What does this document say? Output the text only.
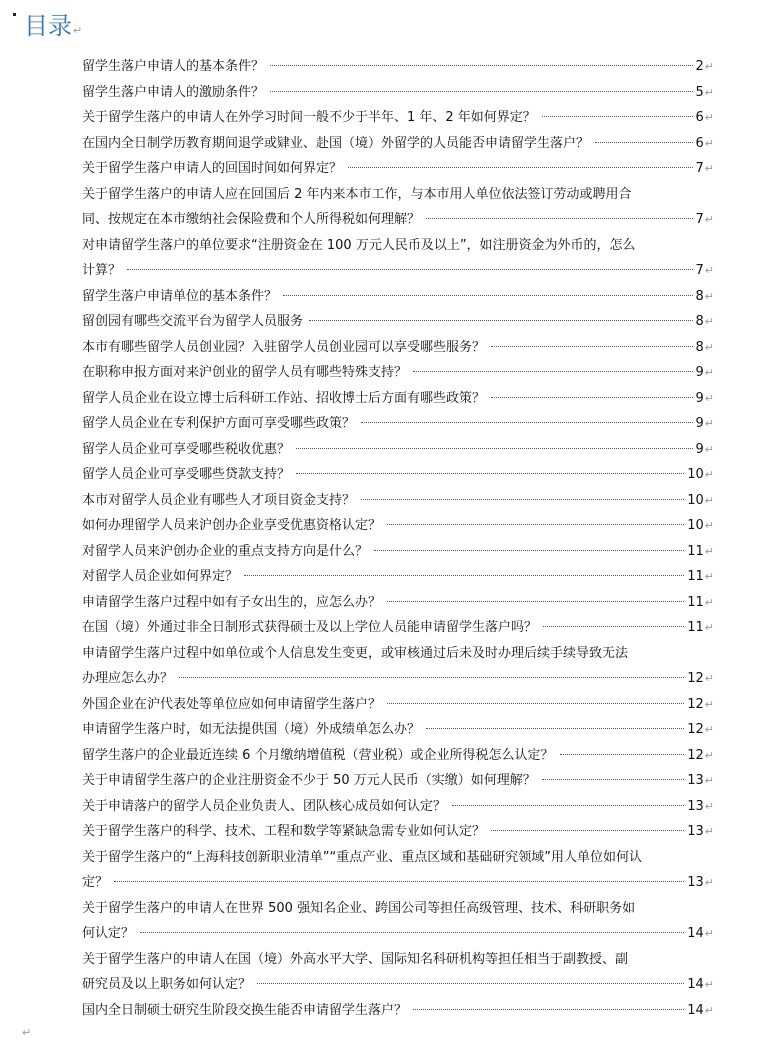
目录↵
留学生落户申请人的基本条件？	2↵
留学生落户申请人的激励条件？	5↵
关于留学生落户的申请人在外学习时间一般不少于半年、1 年、2 年如何界定？	6↵
在国内全日制学历教育期间退学或肄业、赴国（境）外留学的人员能否申请留学生落户？	6↵
关于留学生落户申请人的回国时间如何界定？	7↵
关于留学生落户的申请人应在回国后 2 年内来本市工作，与本市用人单位依法签订劳动或聘用合
同、按规定在本市缴纳社会保险费和个人所得税如何理解？	7↵
对申请留学生落户的单位要求“注册资金在 100 万元人民币及以上”，如注册资金为外币的，怎么
计算？	7↵
留学生落户申请单位的基本条件？	8↵
留创园有哪些交流平台为留学人员服务	8↵
本市有哪些留学人员创业园？入驻留学人员创业园可以享受哪些服务？	8↵
在职称申报方面对来沪创业的留学人员有哪些特殊支持？	9↵
留学人员企业在设立博士后科研工作站、招收博士后方面有哪些政策？	9↵
留学人员企业在专利保护方面可享受哪些政策？	9↵
留学人员企业可享受哪些税收优惠？	9↵
留学人员企业可享受哪些贷款支持？	10↵
本市对留学人员企业有哪些人才项目资金支持？	10↵
如何办理留学人员来沪创办企业享受优惠资格认定？	10↵
对留学人员来沪创办企业的重点支持方向是什么？	11↵
对留学人员企业如何界定？	11↵
申请留学生落户过程中如有子女出生的，应怎么办？	11↵
在国（境）外通过非全日制形式获得硕士及以上学位人员能申请留学生落户吗？	11↵
申请留学生落户过程中如单位或个人信息发生变更，或审核通过后未及时办理后续手续导致无法
办理应怎么办？	12↵
外国企业在沪代表处等单位应如何申请留学生落户？	12↵
申请留学生落户时，如无法提供国（境）外成绩单怎么办？	12↵
留学生落户的企业最近连续 6 个月缴纳增值税（营业税）或企业所得税怎么认定？	12↵
关于申请留学生落户的企业注册资金不少于 50 万元人民币（实缴）如何理解？	13↵
关于申请落户的留学人员企业负责人、团队核心成员如何认定？	13↵
关于留学生落户的科学、技术、工程和数学等紧缺急需专业如何认定？	13↵
关于留学生落户的“上海科技创新职业清单”“重点产业、重点区域和基础研究领域”用人单位如何认
定？	13↵
关于留学生落户的申请人在世界 500 强知名企业、跨国公司等担任高级管理、技术、科研职务如
何认定？	14↵
关于留学生落户的申请人在国（境）外高水平大学、国际知名科研机构等担任相当于副教授、副
研究员及以上职务如何认定？	14↵
国内全日制硕士研究生阶段交换生能否申请留学生落户？	14↵
↵
